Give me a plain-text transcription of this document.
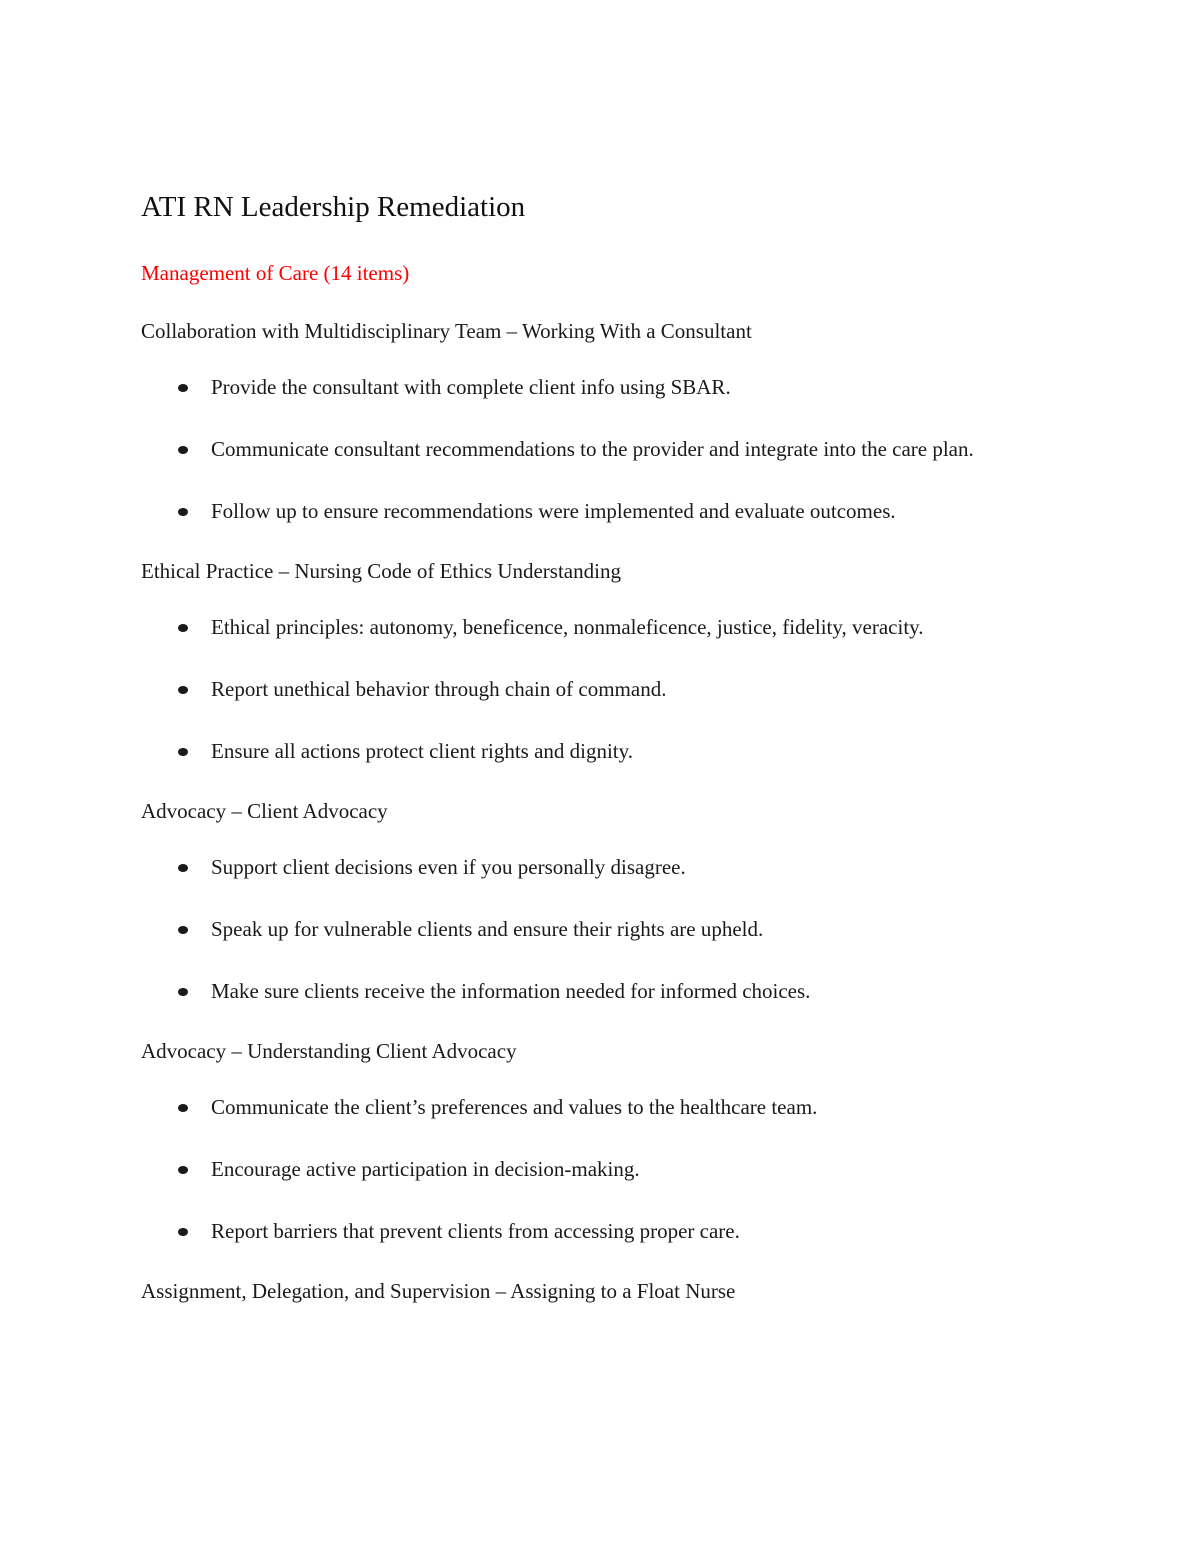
ATI RN Leadership Remediation
Management of Care (14 items)
Collaboration with Multidisciplinary Team – Working With a Consultant
Provide the consultant with complete client info using SBAR.
Communicate consultant recommendations to the provider and integrate into the care plan.
Follow up to ensure recommendations were implemented and evaluate outcomes.
Ethical Practice – Nursing Code of Ethics Understanding
Ethical principles: autonomy, beneficence, nonmaleficence, justice, fidelity, veracity.
Report unethical behavior through chain of command.
Ensure all actions protect client rights and dignity.
Advocacy – Client Advocacy
Support client decisions even if you personally disagree.
Speak up for vulnerable clients and ensure their rights are upheld.
Make sure clients receive the information needed for informed choices.
Advocacy – Understanding Client Advocacy
Communicate the client’s preferences and values to the healthcare team.
Encourage active participation in decision-making.
Report barriers that prevent clients from accessing proper care.
Assignment, Delegation, and Supervision – Assigning to a Float Nurse
